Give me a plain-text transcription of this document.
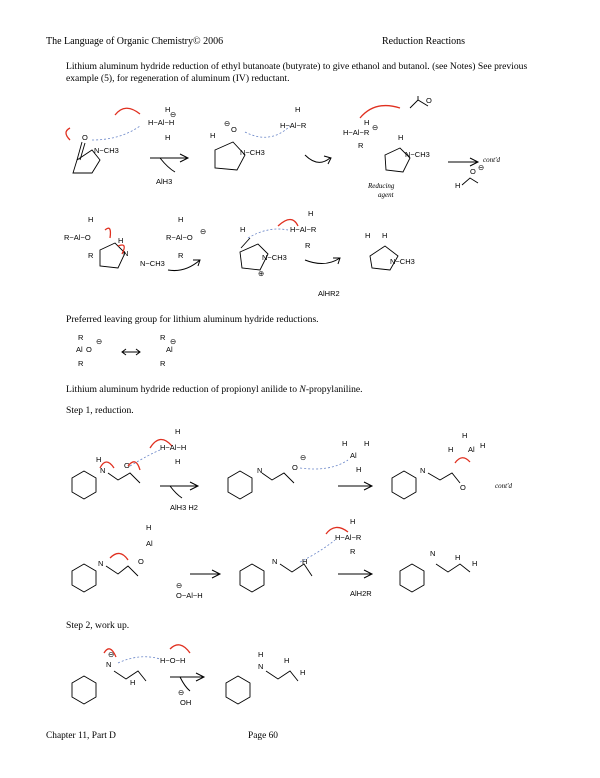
The Language of Organic Chemistry© 2006	Reduction Reactions
Lithium aluminum hydride reduction of ethyl butanoate (butyrate) to give ethanol and butanol. (see Notes) See previous example (5), for regeneration of aluminum (IV) reductant.
O
N−CH3
H
H−Al−H
H
⊖
AlH3
O
⊖
H
N−CH3
H
H−Al−R	H
H−Al−R
⊖
R
H
N−CH3
O
Reducing
agent
cont'd
H
O ⊖
H
R−Al−O
R
H
N
N−CH3
H
R−Al−O
R
⊖	H
N−CH3
⊕
H
H−Al−R
R
AlHR2
H H
N−CH3
Preferred leaving group for lithium aluminum hydride reductions.
R
Al O
⊖
R
R ⊖
Al
R
Lithium aluminum hydride reduction of propionyl anilide to N-propylaniline.
Step 1, reduction.
H
N
O
H
H−Al−H
H
AlH3 H2
N	O
⊖
H H
Al
H	N
O
H
H Al H
cont'd
N	O
H
Al
⊖
O−Al−H
N	H
H
H−Al−R
R
AlH2R
N	H
H
Step 2, work up.
⊖
N
H
H−O−H
⊖
OH
H
N
H
H
Chapter 11, Part D	Page 60
